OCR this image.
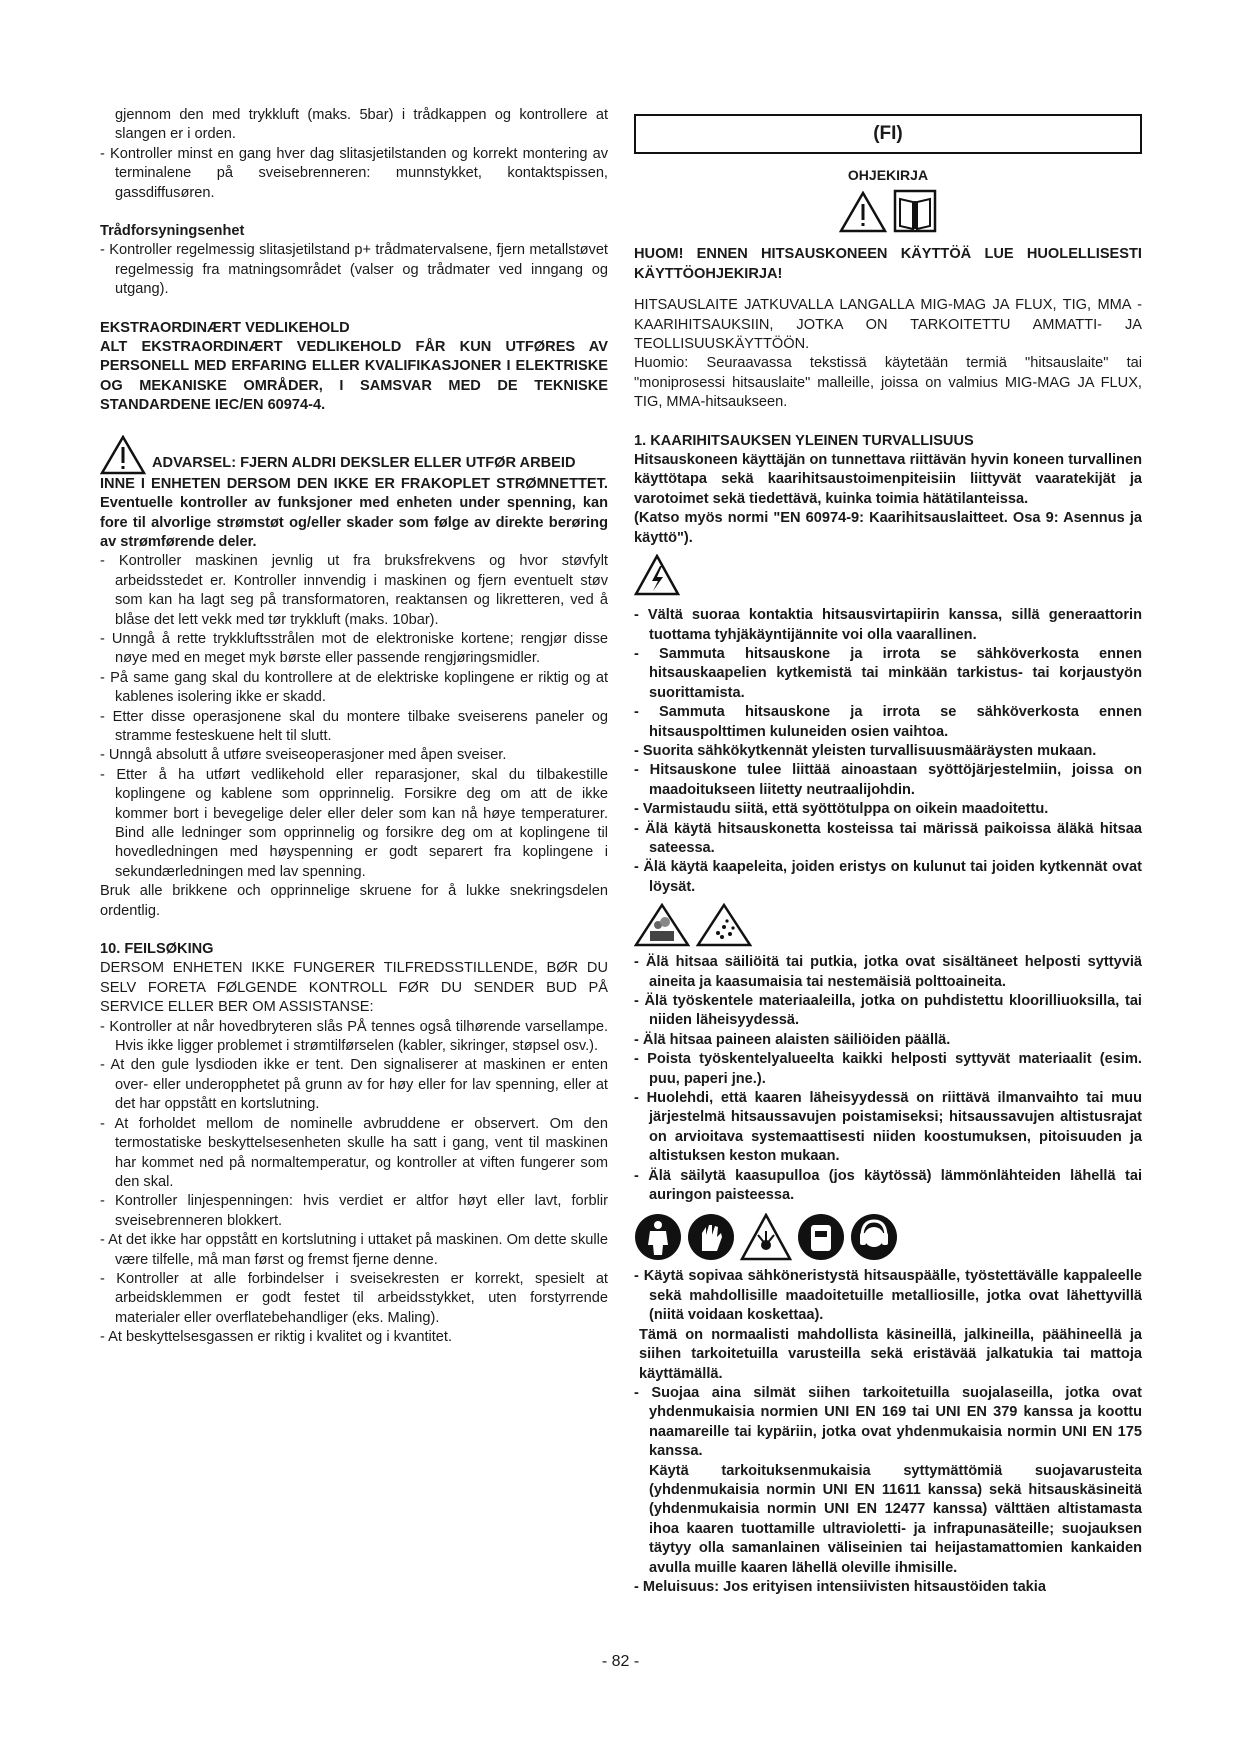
gjennom den med trykkluft (maks. 5bar) i trådkappen og kontrollere at slangen er i orden.

- Kontroller minst en gang hver dag slitasjetilstanden og korrekt montering av terminalene på sveisebrenneren: munnstykket, kontaktspissen, gassdiffusøren.

Trådforsyningsenhet

- Kontroller regelmessig slitasjetilstand p+ trådmatervalsene, fjern metallstøvet regelmessig fra matningsområdet (valser og trådmater ved inngang og utgang).

EKSTRAORDINÆRT VEDLIKEHOLD

ALT EKSTRAORDINÆRT VEDLIKEHOLD FÅR KUN UTFØRES AV PERSONELL MED ERFARING ELLER KVALIFIKASJONER I ELEKTRISKE OG MEKANISKE OMRÅDER, I SAMSVAR MED DE TEKNISKE STANDARDENE IEC/EN 60974-4.

ADVARSEL: FJERN ALDRI DEKSLER ELLER UTFØR ARBEID

INNE I ENHETEN DERSOM DEN IKKE ER FRAKOPLET STRØMNETTET. Eventuelle kontroller av funksjoner med enheten under spenning, kan fore til alvorlige strømstøt og/eller skader som følge av direkte berøring av strømførende deler.

- Kontroller maskinen jevnlig ut fra bruksfrekvens og hvor støvfylt arbeidsstedet er. Kontroller innvendig i maskinen og fjern eventuelt støv som kan ha lagt seg på transformatoren, reaktansen og likretteren, ved å blåse det lett vekk med tør trykkluft (maks. 10bar).

- Unngå å rette trykkluftsstrålen mot de elektroniske kortene; rengjør disse nøye med en meget myk børste eller passende rengjøringsmidler.

- På same gang skal du kontrollere at de elektriske koplingene er riktig og at kablenes isolering ikke er skadd.

- Etter disse operasjonene skal du montere tilbake sveiserens paneler og stramme festeskuene helt til slutt.

- Unngå absolutt å utføre sveiseoperasjoner med åpen sveiser.

- Etter å ha utført vedlikehold eller reparasjoner, skal du tilbakestille koplingene og kablene som opprinnelig. Forsikre deg om att de ikke kommer bort i bevegelige deler eller deler som kan nå høye temperaturer. Bind alle ledninger som opprinnelig og forsikre deg om at koplingene til hovedledningen med høyspenning er godt separert fra koplingene i sekundærledningen med lav spenning.

Bruk alle brikkene och opprinnelige skruene for å lukke snekringsdelen ordentlig.

10. FEILSØKING

DERSOM ENHETEN IKKE FUNGERER TILFREDSSTILLENDE, BØR DU SELV FORETA FØLGENDE KONTROLL FØR DU SENDER BUD PÅ SERVICE ELLER BER OM ASSISTANSE:

- Kontroller at når hovedbryteren slås PÅ tennes også tilhørende varsellampe. Hvis ikke ligger problemet i strømtilførselen (kabler, sikringer, støpsel osv.).

- At den gule lysdioden ikke er tent. Den signaliserer at maskinen er enten over- eller underopphetet på grunn av for høy eller for lav spenning, eller at det har oppstått en kortslutning.

- At forholdet mellom de nominelle avbruddene er observert. Om den termostatiske beskyttelsesenheten skulle ha satt i gang, vent til maskinen har kommet ned på normaltemperatur, og kontroller at viften fungerer som den skal.

- Kontroller linjespenningen: hvis verdiet er altfor høyt eller lavt, forblir sveisebrenneren blokkert.

- At det ikke har oppstått en kortslutning i uttaket på maskinen. Om dette skulle være tilfelle, må man først og fremst fjerne denne.

- Kontroller at alle forbindelser i sveisekresten er korrekt, spesielt at arbeidsklemmen er godt festet til arbeidsstykket, uten forstyrrende materialer eller overflatebehandliger (eks. Maling).

- At beskyttelsesgassen er riktig i kvalitet og i kvantitet.

(FI)

OHJEKIRJA

HUOM! ENNEN HITSAUSKONEEN KÄYTTÖÄ LUE HUOLELLISESTI KÄYTTÖOHJEKIRJA!

HITSAUSLAITE JATKUVALLA LANGALLA MIG-MAG JA FLUX, TIG, MMA -KAARIHITSAUKSIIN, JOTKA ON TARKOITETTU AMMATTI- JA TEOLLISUUSKÄYTTÖÖN.

Huomio: Seuraavassa tekstissä käytetään termiä "hitsauslaite" tai "moniprosessi hitsauslaite" malleille, joissa on valmius MIG-MAG JA FLUX, TIG, MMA-hitsaukseen.

1. KAARIHITSAUKSEN YLEINEN TURVALLISUUS

Hitsauskoneen käyttäjän on tunnettava riittävän hyvin koneen turvallinen käyttötapa sekä kaarihitsaustoimenpiteisiin liittyvät vaaratekijät ja varotoimet sekä tiedettävä, kuinka toimia hätätilanteissa.

(Katso myös normi "EN 60974-9: Kaarihitsauslaitteet. Osa 9: Asennus ja käyttö").

- Vältä suoraa kontaktia hitsausvirtapiirin kanssa, sillä generaattorin tuottama tyhjäkäyntijännite voi olla vaarallinen.

- Sammuta hitsauskone ja irrota se sähköverkosta ennen hitsauskaapelien kytkemistä tai minkään tarkistus- tai korjaustyön suorittamista.

- Sammuta hitsauskone ja irrota se sähköverkosta ennen hitsauspolttimen kuluneiden osien vaihtoa.

- Suorita sähkökytkennät yleisten turvallisuusmääräysten mukaan.

- Hitsauskone tulee liittää ainoastaan syöttöjärjestelmiin, joissa on maadoitukseen liitetty neutraalijohdin.

- Varmistaudu siitä, että syöttötulppa on oikein maadoitettu.

- Älä käytä hitsauskonetta kosteissa tai märissä paikoissa äläkä hitsaa sateessa.

- Älä käytä kaapeleita, joiden eristys on kulunut tai joiden kytkennät ovat löysät.

- Älä hitsaa säiliöitä tai putkia, jotka ovat sisältäneet helposti syttyviä aineita ja kaasumaisia tai nestemäisiä polttoaineita.

- Älä työskentele materiaaleilla, jotka on puhdistettu kloorilliuoksilla, tai niiden läheisyydessä.

- Älä hitsaa paineen alaisten säiliöiden päällä.

- Poista työskentelyalueelta kaikki helposti syttyvät materiaalit (esim. puu, paperi jne.).

- Huolehdi, että kaaren läheisyydessä on riittävä ilmanvaihto tai muu järjestelmä hitsaussavujen poistamiseksi; hitsaussavujen altistusrajat on arvioitava systemaattisesti niiden koostumuksen, pitoisuuden ja altistuksen keston mukaan.

- Älä säilytä kaasupulloa (jos käytössä) lämmönlähteiden lähellä tai auringon paisteessa.

- Käytä sopivaa sähköneristystä hitsauspäälle, työstettävälle kappaleelle sekä mahdollisille maadoitetuille metalliosille, jotka ovat lähettyvillä (niitä voidaan koskettaa).

Tämä on normaalisti mahdollista käsineillä, jalkineilla, päähineellä ja siihen tarkoitetuilla varusteilla sekä eristävää jalkatukia tai mattoja käyttämällä.

- Suojaa aina silmät siihen tarkoitetuilla suojalaseilla, jotka ovat yhdenmukaisia normien UNI EN 169 tai UNI EN 379 kanssa ja koottu naamareille tai kypäriin, jotka ovat yhdenmukaisia normin UNI EN 175 kanssa.

Käytä tarkoituksenmukaisia syttymättömiä suojavarusteita (yhdenmukaisia normin UNI EN 11611 kanssa) sekä hitsauskäsineitä (yhdenmukaisia normin UNI EN 12477 kanssa) välttäen altistamasta ihoa kaaren tuottamille ultravioletti- ja infrapunasäteille; suojauksen täytyy olla samanlainen väliseinien tai heijastamattomien kankaiden avulla muille kaaren lähellä oleville ihmisille.

- Meluisuus: Jos erityisen intensiivisten hitsaustöiden takia

- 82 -
